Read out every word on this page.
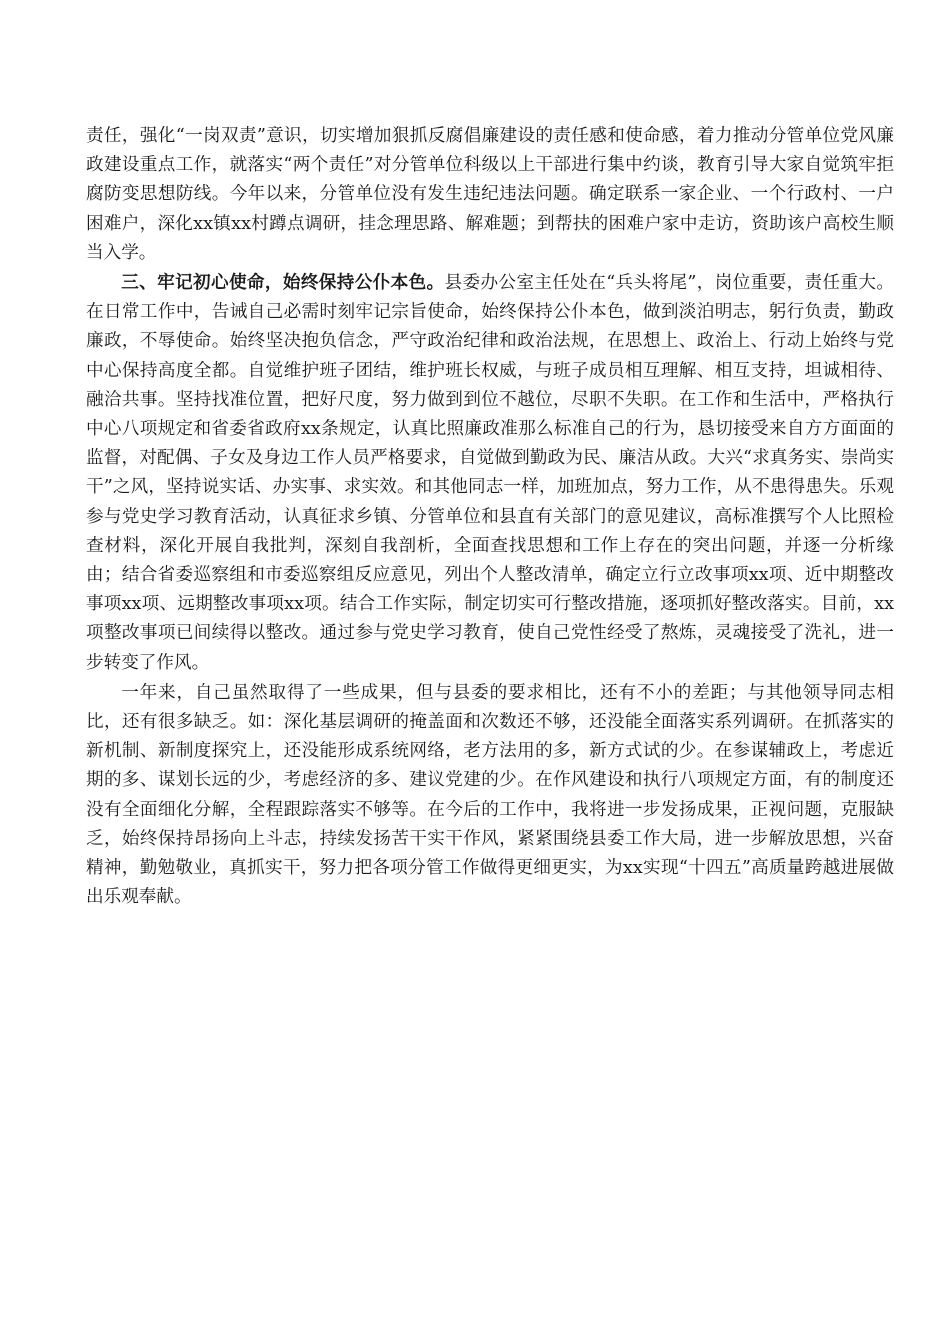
责任，强化“一岗双责”意识，切实增加狠抓反腐倡廉建设的责任感和使命感，着力推动分管单位党风廉政建设重点工作，就落实“两个责任”对分管单位科级以上干部进行集中约谈，教育引导大家自觉筑牢拒腐防变思想防线。今年以来，分管单位没有发生违纪违法问题。确定联系一家企业、一个行政村、一户困难户，深化xx镇xx村蹲点调研，挂念理思路、解难题；到帮扶的困难户家中走访，资助该户高校生顺当入学。

三、牢记初心使命，始终保持公仆本色。县委办公室主任处在“兵头将尾”，岗位重要，责任重大。在日常工作中，告诫自己必需时刻牢记宗旨使命，始终保持公仆本色，做到淡泊明志，躬行负责，勤政廉政，不辱使命。始终坚决抱负信念，严守政治纪律和政治法规，在思想上、政治上、行动上始终与党中心保持高度全都。自觉维护班子团结，维护班长权威，与班子成员相互理解、相互支持，坦诚相待、融洽共事。坚持找准位置，把好尺度，努力做到到位不越位，尽职不失职。在工作和生活中，严格执行中心八项规定和省委省政府xx条规定，认真比照廉政准那么标准自己的行为，恳切接受来自方方面面的监督，对配偶、子女及身边工作人员严格要求，自觉做到勤政为民、廉洁从政。大兴“求真务实、崇尚实干”之风，坚持说实话、办实事、求实效。和其他同志一样，加班加点，努力工作，从不患得患失。乐观参与党史学习教育活动，认真征求乡镇、分管单位和县直有关部门的意见建议，高标准撰写个人比照检查材料，深化开展自我批判，深刻自我剖析，全面查找思想和工作上存在的突出问题，并逐一分析缘由；结合省委巡察组和市委巡察组反应意见，列出个人整改清单，确定立行立改事项xx项、近中期整改事项xx项、远期整改事项xx项。结合工作实际，制定切实可行整改措施，逐项抓好整改落实。目前，xx项整改事项已间续得以整改。通过参与党史学习教育，使自己党性经受了熬炼，灵魂接受了洗礼，进一步转变了作风。

一年来，自己虽然取得了一些成果，但与县委的要求相比，还有不小的差距；与其他领导同志相比，还有很多缺乏。如：深化基层调研的掩盖面和次数还不够，还没能全面落实系列调研。在抓落实的新机制、新制度探究上，还没能形成系统网络，老方法用的多，新方式试的少。在参谋辅政上，考虑近期的多、谋划长远的少，考虑经济的多、建议党建的少。在作风建设和执行八项规定方面，有的制度还没有全面细化分解，全程跟踪落实不够等。在今后的工作中，我将进一步发扬成果，正视问题，克服缺乏，始终保持昂扬向上斗志，持续发扬苦干实干作风，紧紧围绕县委工作大局，进一步解放思想，兴奋精神，勤勉敬业，真抓实干，努力把各项分管工作做得更细更实，为xx实现“十四五”高质量跨越进展做出乐观奉献。
